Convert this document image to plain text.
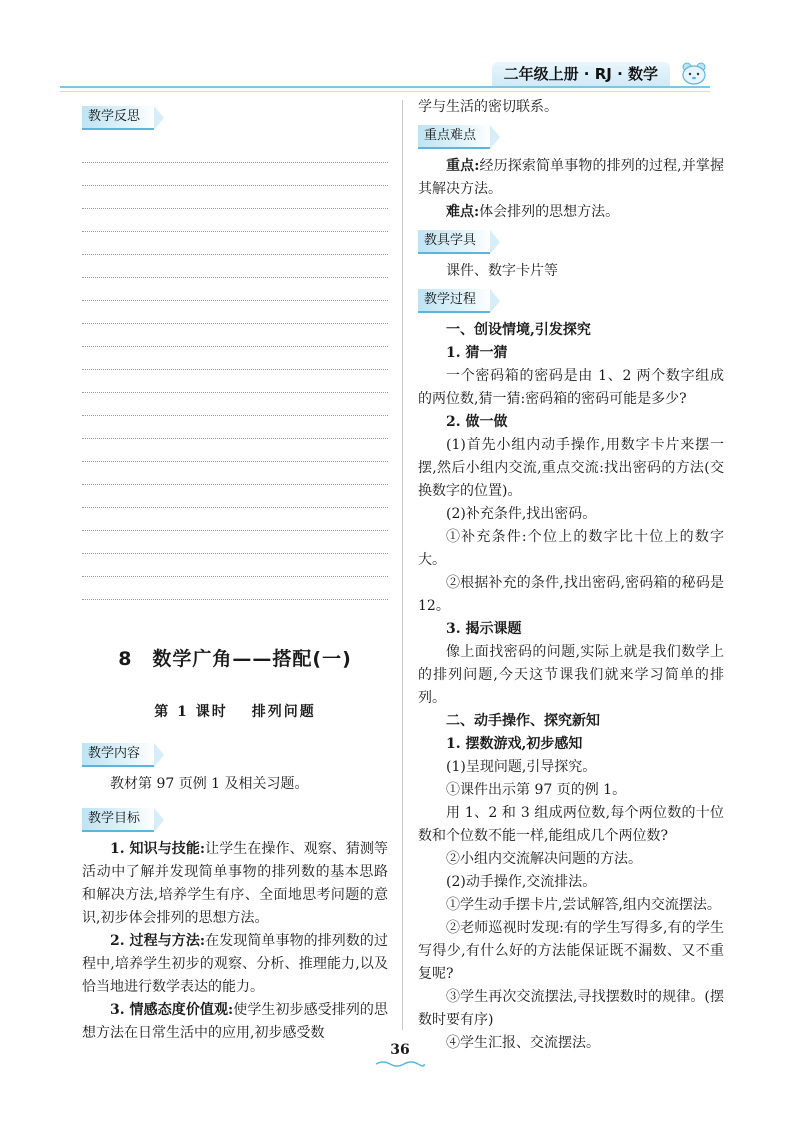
二年级上册 · RJ · 数学
教学反思
8 数学广角——搭配(一)
第 1 课时 排列问题
教学内容

教材第 97 页例 1 及相关习题。

教学目标

1. 知识与技能:让学生在操作、观察、猜测等活动中了解并发现简单事物的排列数的基本思路和解决方法,培养学生有序、全面地思考问题的意识,初步体会排列的思想方法。

2. 过程与方法:在发现简单事物的排列数的过程中,培养学生初步的观察、分析、推理能力,以及恰当地进行数学表达的能力。

3. 情感态度价值观:使学生初步感受排列的思想方法在日常生活中的应用,初步感受数

学与生活的密切联系。

重点难点

重点:经历探索简单事物的排列的过程,并掌握其解决方法。

难点:体会排列的思想方法。

教具学具

课件、数字卡片等

教学过程

一、创设情境,引发探究

1. 猜一猜

一个密码箱的密码是由 1、2 两个数字组成的两位数,猜一猜:密码箱的密码可能是多少?

2. 做一做

(1)首先小组内动手操作,用数字卡片来摆一摆,然后小组内交流,重点交流:找出密码的方法(交换数字的位置)。

(2)补充条件,找出密码。

①补充条件:个位上的数字比十位上的数字大。

②根据补充的条件,找出密码,密码箱的秘码是 12。

3. 揭示课题

像上面找密码的问题,实际上就是我们数学上的排列问题,今天这节课我们就来学习简单的排列。

二、动手操作、探究新知

1. 摆数游戏,初步感知

(1)呈现问题,引导探究。

①课件出示第 97 页的例 1。

用 1、2 和 3 组成两位数,每个两位数的十位数和个位数不能一样,能组成几个两位数?

②小组内交流解决问题的方法。

(2)动手操作,交流排法。

①学生动手摆卡片,尝试解答,组内交流摆法。

②老师巡视时发现:有的学生写得多,有的学生写得少,有什么好的方法能保证既不漏数、又不重复呢?

③学生再次交流摆法,寻找摆数时的规律。(摆数时要有序)

④学生汇报、交流摆法。

36
